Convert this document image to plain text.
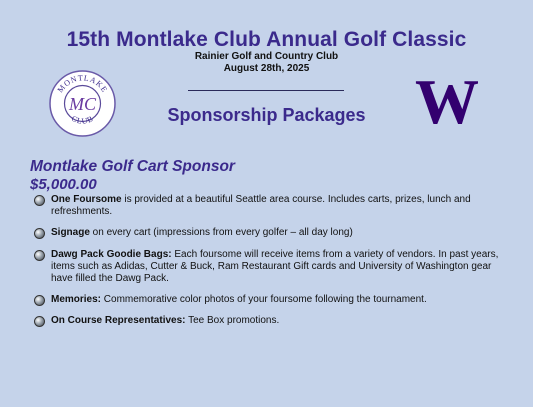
15th Montlake Club Annual Golf Classic
Rainier Golf and Country Club
August 28th, 2025
Sponsorship Packages
MONTLAKE
CLUB
MC	W
Montlake Golf Cart Sponsor
$5,000.00
One Foursome is provided at a beautiful Seattle area course. Includes carts, prizes, lunch and refreshments.
Signage on every cart (impressions from every golfer – all day long)
Dawg Pack Goodie Bags: Each foursome will receive items from a variety of vendors. In past years, items such as Adidas, Cutter & Buck, Ram Restaurant Gift cards and University of Washington gear have filled the Dawg Pack.
Memories: Commemorative color photos of your foursome following the tournament.
On Course Representatives: Tee Box promotions.
